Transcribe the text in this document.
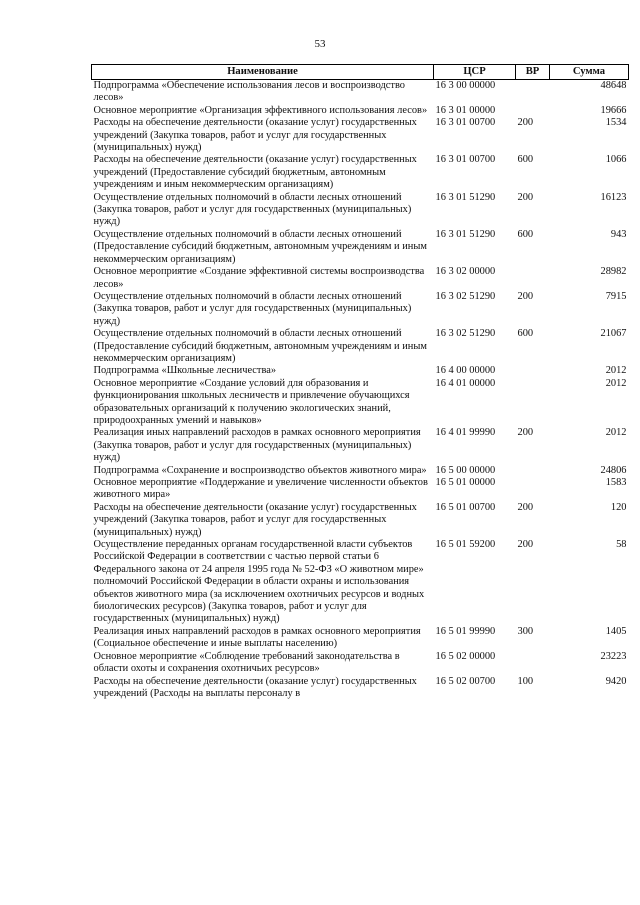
53
Наименование	ЦСР	ВР	Сумма
Подпрограмма «Обеспечение использования лесов и воспроизводство лесов»	16 3 00 00000		48648
Основное мероприятие «Организация эффективного использования лесов»	16 3 01 00000		19666
Расходы на обеспечение деятельности (оказание услуг) государственных учреждений (Закупка товаров, работ и услуг для государственных (муниципальных) нужд)	16 3 01 00700	200	1534
Расходы на обеспечение деятельности (оказание услуг) государственных учреждений (Предоставление субсидий бюджетным, автономным учреждениям и иным некоммерческим организациям)	16 3 01 00700	600	1066
Осуществление отдельных полномочий в области лесных отношений (Закупка товаров, работ и услуг для государственных (муниципальных) нужд)	16 3 01 51290	200	16123
Осуществление отдельных полномочий в области лесных отношений (Предоставление субсидий бюджетным, автономным учреждениям и иным некоммерческим организациям)	16 3 01 51290	600	943
Основное мероприятие «Создание эффективной системы воспроизводства лесов»	16 3 02 00000		28982
Осуществление отдельных полномочий в области лесных отношений (Закупка товаров, работ и услуг для государственных (муниципальных) нужд)	16 3 02 51290	200	7915
Осуществление отдельных полномочий в области лесных отношений (Предоставление субсидий бюджетным, автономным учреждениям и иным некоммерческим организациям)	16 3 02 51290	600	21067
Подпрограмма «Школьные лесничества»	16 4 00 00000		2012
Основное мероприятие «Создание условий для образования и функционирования школьных лесничеств и привлечение обучающихся образовательных организаций к получению экологических знаний, природоохранных умений и навыков»	16 4 01 00000		2012
Реализация иных направлений расходов в рамках основного мероприятия (Закупка товаров, работ и услуг для государственных (муниципальных) нужд)	16 4 01 99990	200	2012
Подпрограмма «Сохранение и воспроизводство объектов животного мира»	16 5 00 00000		24806
Основное мероприятие «Поддержание и увеличение численности объектов животного мира»	16 5 01 00000		1583
Расходы на обеспечение деятельности (оказание услуг) государственных учреждений (Закупка товаров, работ и услуг для государственных (муниципальных) нужд)	16 5 01 00700	200	120
Осуществление переданных органам государственной власти субъектов Российской Федерации в соответствии с частью первой статьи 6 Федерального закона от 24 апреля 1995 года № 52-ФЗ «О животном мире» полномочий Российской Федерации в области охраны и использования объектов животного мира (за исключением охотничьих ресурсов и водных биологических ресурсов) (Закупка товаров, работ и услуг для государственных (муниципальных) нужд)	16 5 01 59200	200	58
Реализация иных направлений расходов в рамках основного мероприятия (Социальное обеспечение и иные выплаты населению)	16 5 01 99990	300	1405
Основное мероприятие «Соблюдение требований законодательства в области охоты и сохранения охотничьих ресурсов»	16 5 02 00000		23223
Расходы на обеспечение деятельности (оказание услуг) государственных учреждений (Расходы на выплаты персоналу в	16 5 02 00700	100	9420
